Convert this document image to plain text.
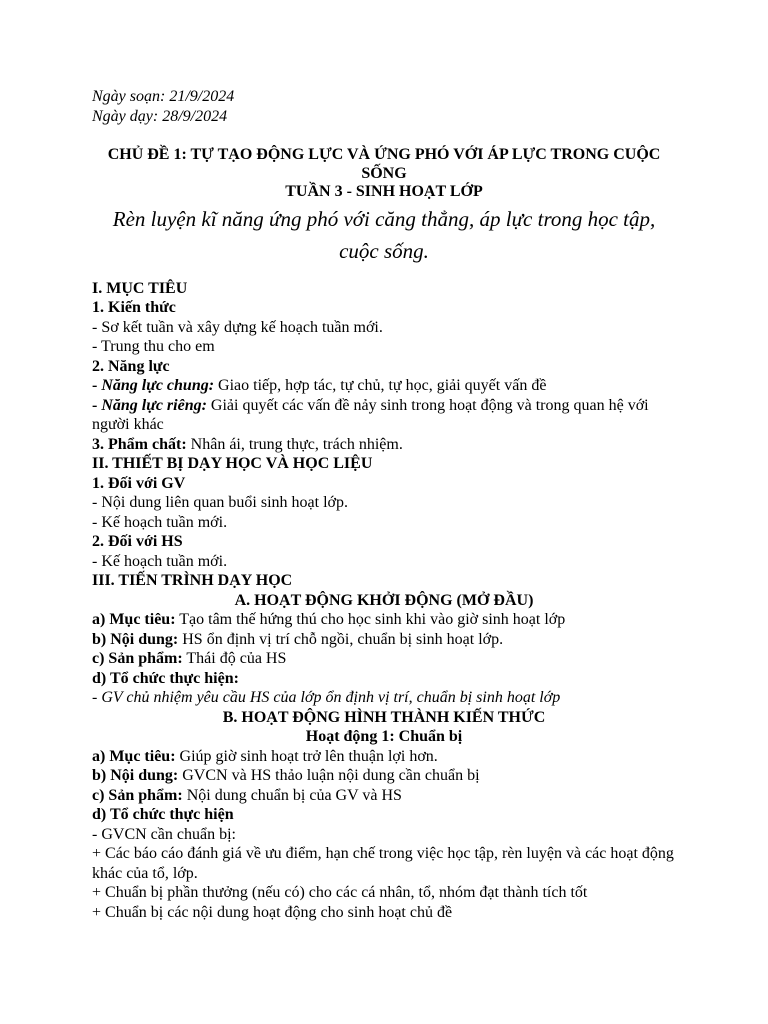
Ngày soạn: 21/9/2024

Ngày dạy: 28/9/2024

CHỦ ĐỀ 1: TỰ TẠO ĐỘNG LỰC VÀ ỨNG PHÓ VỚI ÁP LỰC TRONG CUỘC SỐNG

TUẦN 3 - SINH HOẠT LỚP

Rèn luyện kĩ năng ứng phó với căng thẳng, áp lực trong học tập, cuộc sống.

I. MỤC TIÊU

1. Kiến thức

- Sơ kết tuần và xây dựng kế hoạch tuần mới.

- Trung thu cho em

2. Năng lực

- Năng lực chung: Giao tiếp, hợp tác, tự chủ, tự học, giải quyết vấn đề

- Năng lực riêng: Giải quyết các vấn đề nảy sinh trong hoạt động và trong quan hệ với người khác

3. Phẩm chất: Nhân ái, trung thực, trách nhiệm.

II. THIẾT BỊ DẠY HỌC VÀ HỌC LIỆU

1. Đối với GV

- Nội dung liên quan buổi sinh hoạt lớp.

- Kế hoạch tuần mới.

2. Đối với HS

- Kế hoạch tuần mới.

III. TIẾN TRÌNH DẠY HỌC

A. HOẠT ĐỘNG KHỞI ĐỘNG (MỞ ĐẦU)

a) Mục tiêu: Tạo tâm thế hứng thú cho học sinh khi vào giờ sinh hoạt lớp

b) Nội dung: HS ổn định vị trí chỗ ngồi, chuẩn bị sinh hoạt lớp.

c) Sản phẩm: Thái độ của HS

d) Tổ chức thực hiện:

- GV chủ nhiệm yêu cầu HS của lớp ổn định vị trí, chuẩn bị sinh hoạt lớp

B. HOẠT ĐỘNG HÌNH THÀNH KIẾN THỨC

Hoạt động 1: Chuẩn bị

a) Mục tiêu: Giúp giờ sinh hoạt trở lên thuận lợi hơn.

b) Nội dung: GVCN và HS thảo luận nội dung cần chuẩn bị

c) Sản phẩm: Nội dung chuẩn bị của GV và HS

d) Tổ chức thực hiện

- GVCN cần chuẩn bị:

+ Các báo cáo đánh giá về ưu điểm, hạn chế trong việc học tập, rèn luyện và các hoạt động khác của tổ, lớp.

+ Chuẩn bị phần thưởng (nếu có) cho các cá nhân, tổ, nhóm đạt thành tích tốt

+ Chuẩn bị các nội dung hoạt động cho sinh hoạt chủ đề
